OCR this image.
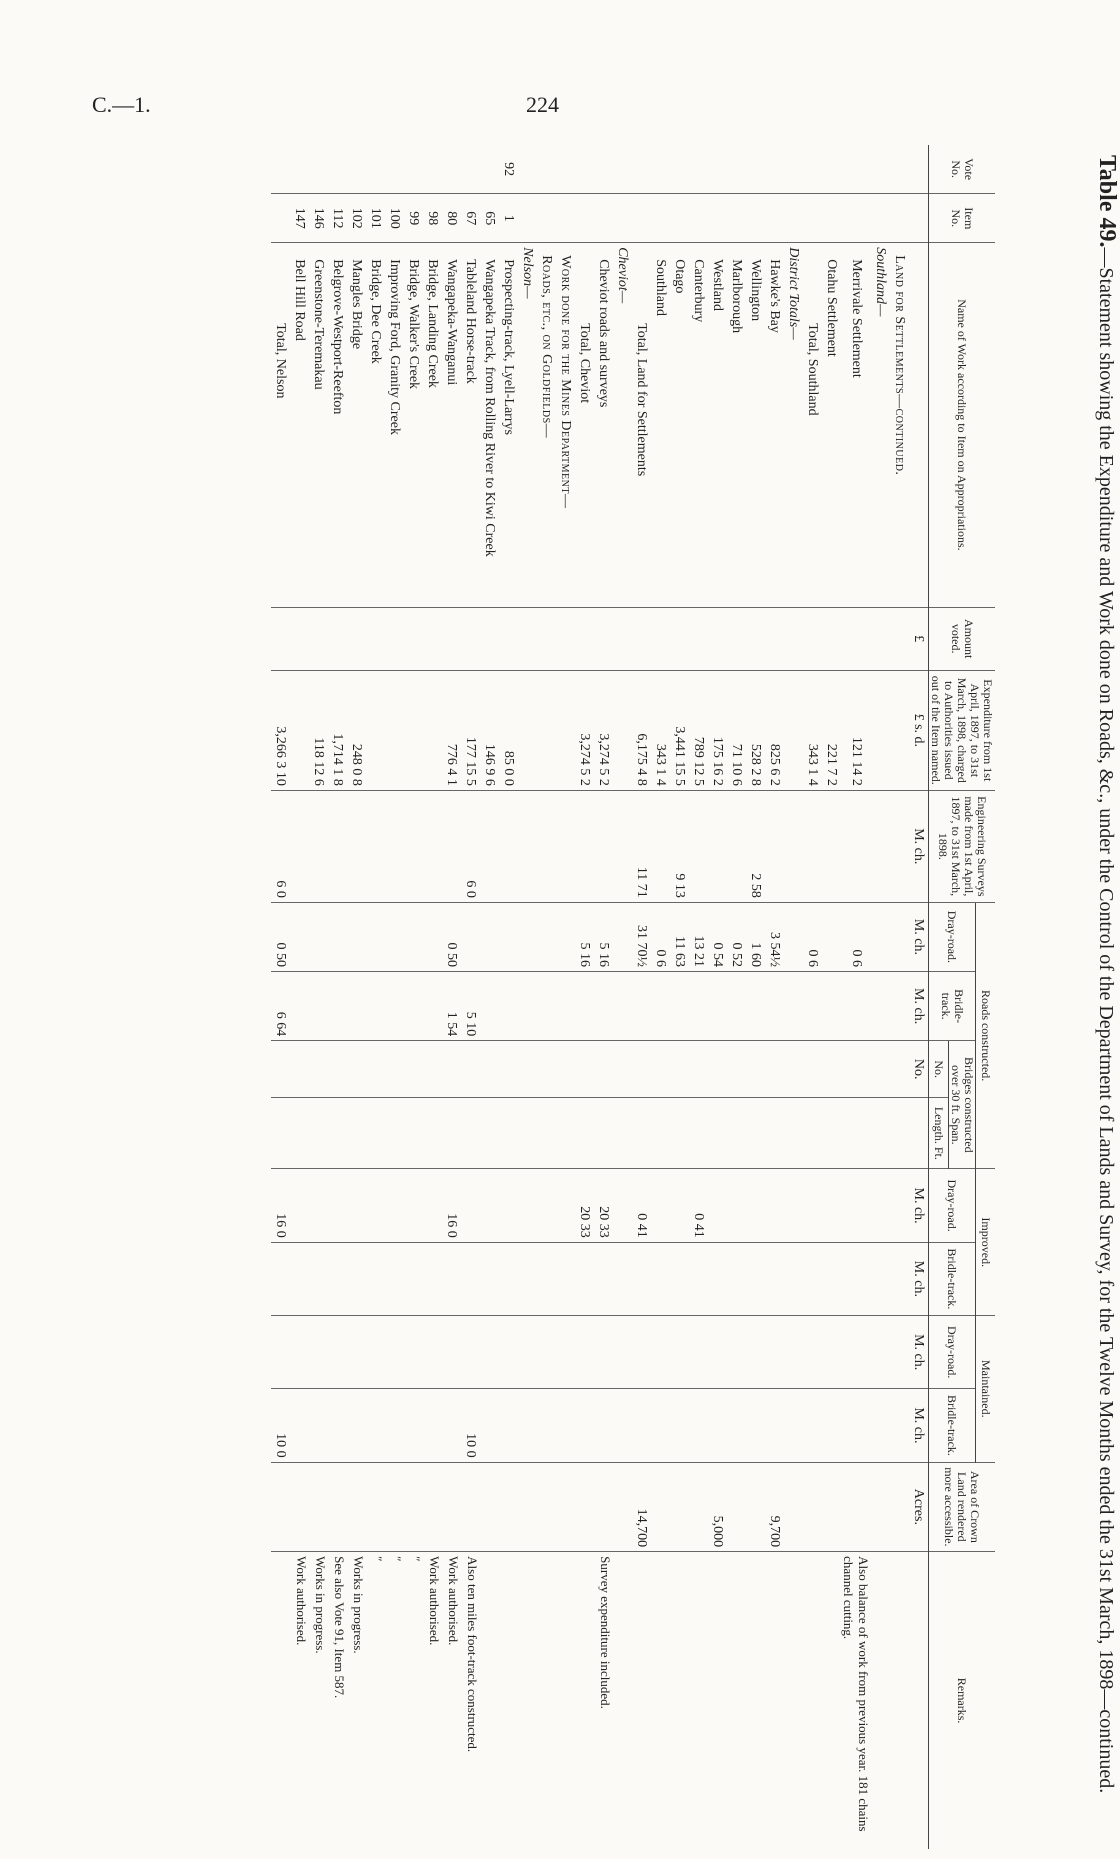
C.—1.	224
Table 49.—Statement showing the Expenditure and Work done on Roads, &c., under the Control of the Department of Lands and Survey, for the Twelve Months ended the 31st March, 1898—continued.
Vote No.	Item No.	Name of Work according to Item on Appropriations.	Amount voted.	Expenditure from 1st April, 1897, to 31st March, 1898, charged to Authorities issued out of the Item named.	Engineering Surveys made from 1st April, 1897, to 31st March, 1898.	Roads constructed.				Improved.		Maintained.		Area of Crown Land rendered more accessible.	Remarks.
						Dray-road.	Bridle-track.	Bridges constructed over 30 ft. Span.		Dray-road.	Bridle-track.	Dray-road.	Bridle-track.		
								No.	Length. Ft.						
			£	£ s. d.	M. ch.	M. ch.	M. ch.	No.		M. ch.	M. ch.	M. ch.	M. ch.	Acres.	
		Land for Settlements—continued.													
		Southland—													
		Merrivale Settlement		121 14 2		0 6									Also balance of work from previous year. 181 chains channel cutting.
		Otahu Settlement		221 7 2											
		Total, Southland		343 1 4		0 6									
		District Totals—													
		Hawke's Bay		825 6 2		3 54½								9,700	
		Wellington		528 2 8	2 58	1 60									
		Marlborough		71 10 6		0 52									
		Westland		175 16 2		0 54								5,000	
		Canterbury		789 12 5		13 21				0 41					
		Otago		3,441 15 5	9 13	11 63									
		Southland		343 1 4		0 6									
		Total, Land for Settlements		6,175 4 8	11 71	31 70½				0 41				14,700	
		Cheviot—													
		Cheviot roads and surveys		3,274 5 2		5 16				20 33					Survey expenditure included.
		Total, Cheviot		3,274 5 2		5 16				20 33					
		Work done for the Mines Department—													
		Roads, etc., on Goldfields—													
		Nelson—													
92	1	Prospecting-track, Lyell-Larrys		85 0 0											
	65	Wangapeka Track, from Rolling River to Kiwi Creek		146 9 6											
	67	Tableland Horse-track		177 15 5	6 0		5 10						10 0		Also ten miles foot-track constructed.
	80	Wangapeka-Wanganui		776 4 1		0 50	1 54			16 0					Work authorised.
	98	Bridge, Landing Creek													Work authorised.
	99	Bridge, Walker's Creek													″
	100	Improving Ford, Granity Creek													″
	101	Bridge, Dee Creek													″
	102	Mangles Bridge		248 0 8											Works in progress.
	112	Belgrove-Westport-Reefton		1,714 1 8											See also Vote 91, Item 587.
	146	Greenstone-Teremakau		118 12 6											Works in progress.
	147	Bell Hill Road													Work authorised.
		Total, Nelson		3,266 3 10	6 0	0 50	6 64			16 0			10 0		
